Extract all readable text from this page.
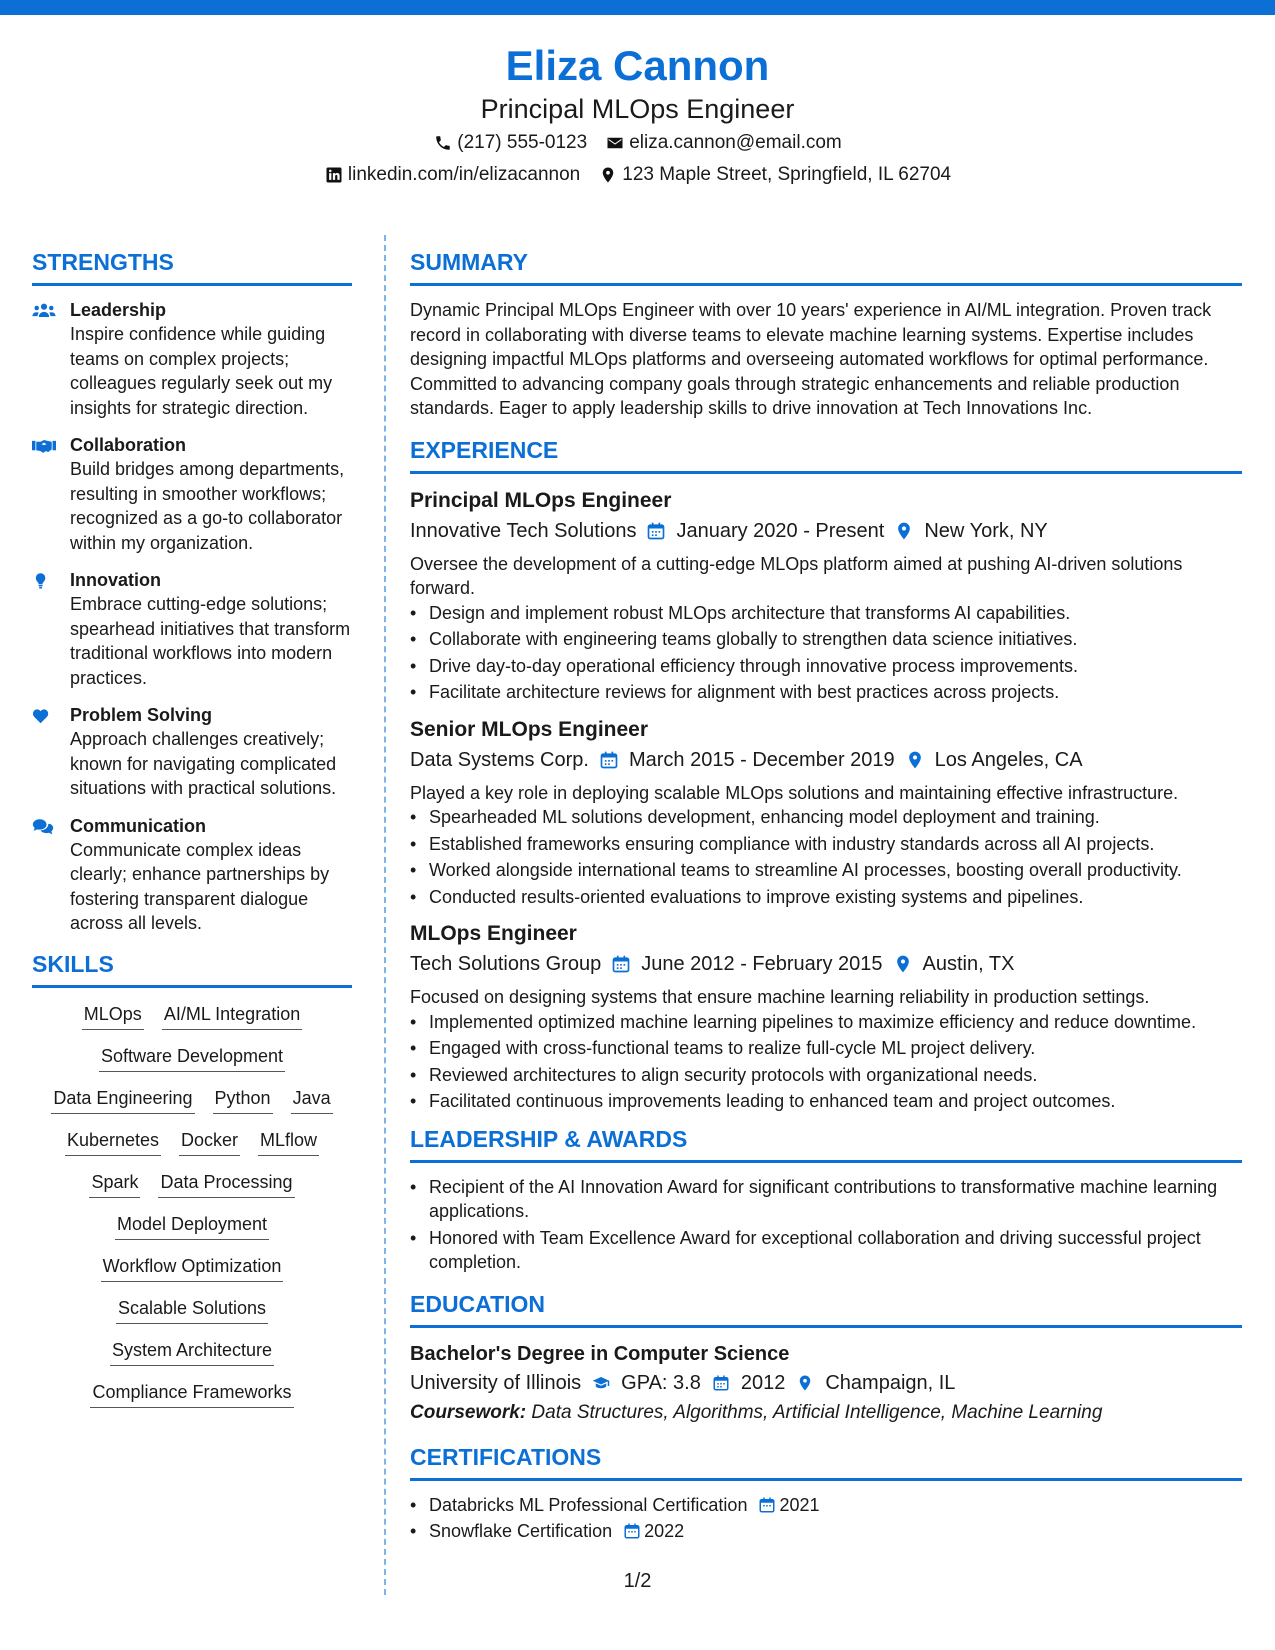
Eliza Cannon
Principal MLOps Engineer
(217) 555-0123 eliza.cannon@email.com
linkedin.com/in/elizacannon 123 Maple Street, Springfield, IL 62704
STRENGTHS
Leadership
Inspire confidence while guiding teams on complex projects; colleagues regularly seek out my insights for strategic direction.
Collaboration
Build bridges among departments, resulting in smoother workflows; recognized as a go-to collaborator within my organization.
Innovation
Embrace cutting-edge solutions; spearhead initiatives that transform traditional workflows into modern practices.
Problem Solving
Approach challenges creatively; known for navigating complicated situations with practical solutions.
Communication
Communicate complex ideas clearly; enhance partnerships by fostering transparent dialogue across all levels.
SKILLS
MLOps AI/ML Integration
Software Development
Data Engineering Python Java
Kubernetes Docker MLflow
Spark Data Processing
Model Deployment
Workflow Optimization
Scalable Solutions
System Architecture
Compliance Frameworks
SUMMARY
Dynamic Principal MLOps Engineer with over 10 years' experience in AI/ML integration. Proven track record in collaborating with diverse teams to elevate machine learning systems. Expertise includes designing impactful MLOps platforms and overseeing automated workflows for optimal performance. Committed to advancing company goals through strategic enhancements and reliable production standards. Eager to apply leadership skills to drive innovation at Tech Innovations Inc.
EXPERIENCE
Principal MLOps Engineer
Innovative Tech Solutions January 2020 - Present New York, NY
Oversee the development of a cutting-edge MLOps platform aimed at pushing AI-driven solutions forward.
• Design and implement robust MLOps architecture that transforms AI capabilities.
• Collaborate with engineering teams globally to strengthen data science initiatives.
• Drive day-to-day operational efficiency through innovative process improvements.
• Facilitate architecture reviews for alignment with best practices across projects.
Senior MLOps Engineer
Data Systems Corp. March 2015 - December 2019 Los Angeles, CA
Played a key role in deploying scalable MLOps solutions and maintaining effective infrastructure.
• Spearheaded ML solutions development, enhancing model deployment and training.
• Established frameworks ensuring compliance with industry standards across all AI projects.
• Worked alongside international teams to streamline AI processes, boosting overall productivity.
• Conducted results-oriented evaluations to improve existing systems and pipelines.
MLOps Engineer
Tech Solutions Group June 2012 - February 2015 Austin, TX
Focused on designing systems that ensure machine learning reliability in production settings.
• Implemented optimized machine learning pipelines to maximize efficiency and reduce downtime.
• Engaged with cross-functional teams to realize full-cycle ML project delivery.
• Reviewed architectures to align security protocols with organizational needs.
• Facilitated continuous improvements leading to enhanced team and project outcomes.
LEADERSHIP & AWARDS
• Recipient of the AI Innovation Award for significant contributions to transformative machine learning applications.
• Honored with Team Excellence Award for exceptional collaboration and driving successful project completion.
EDUCATION
Bachelor's Degree in Computer Science
University of Illinois GPA: 3.8 2012 Champaign, IL
Coursework: Data Structures, Algorithms, Artificial Intelligence, Machine Learning
CERTIFICATIONS
• Databricks ML Professional Certification 2021
• Snowflake Certification 2022
1/2
